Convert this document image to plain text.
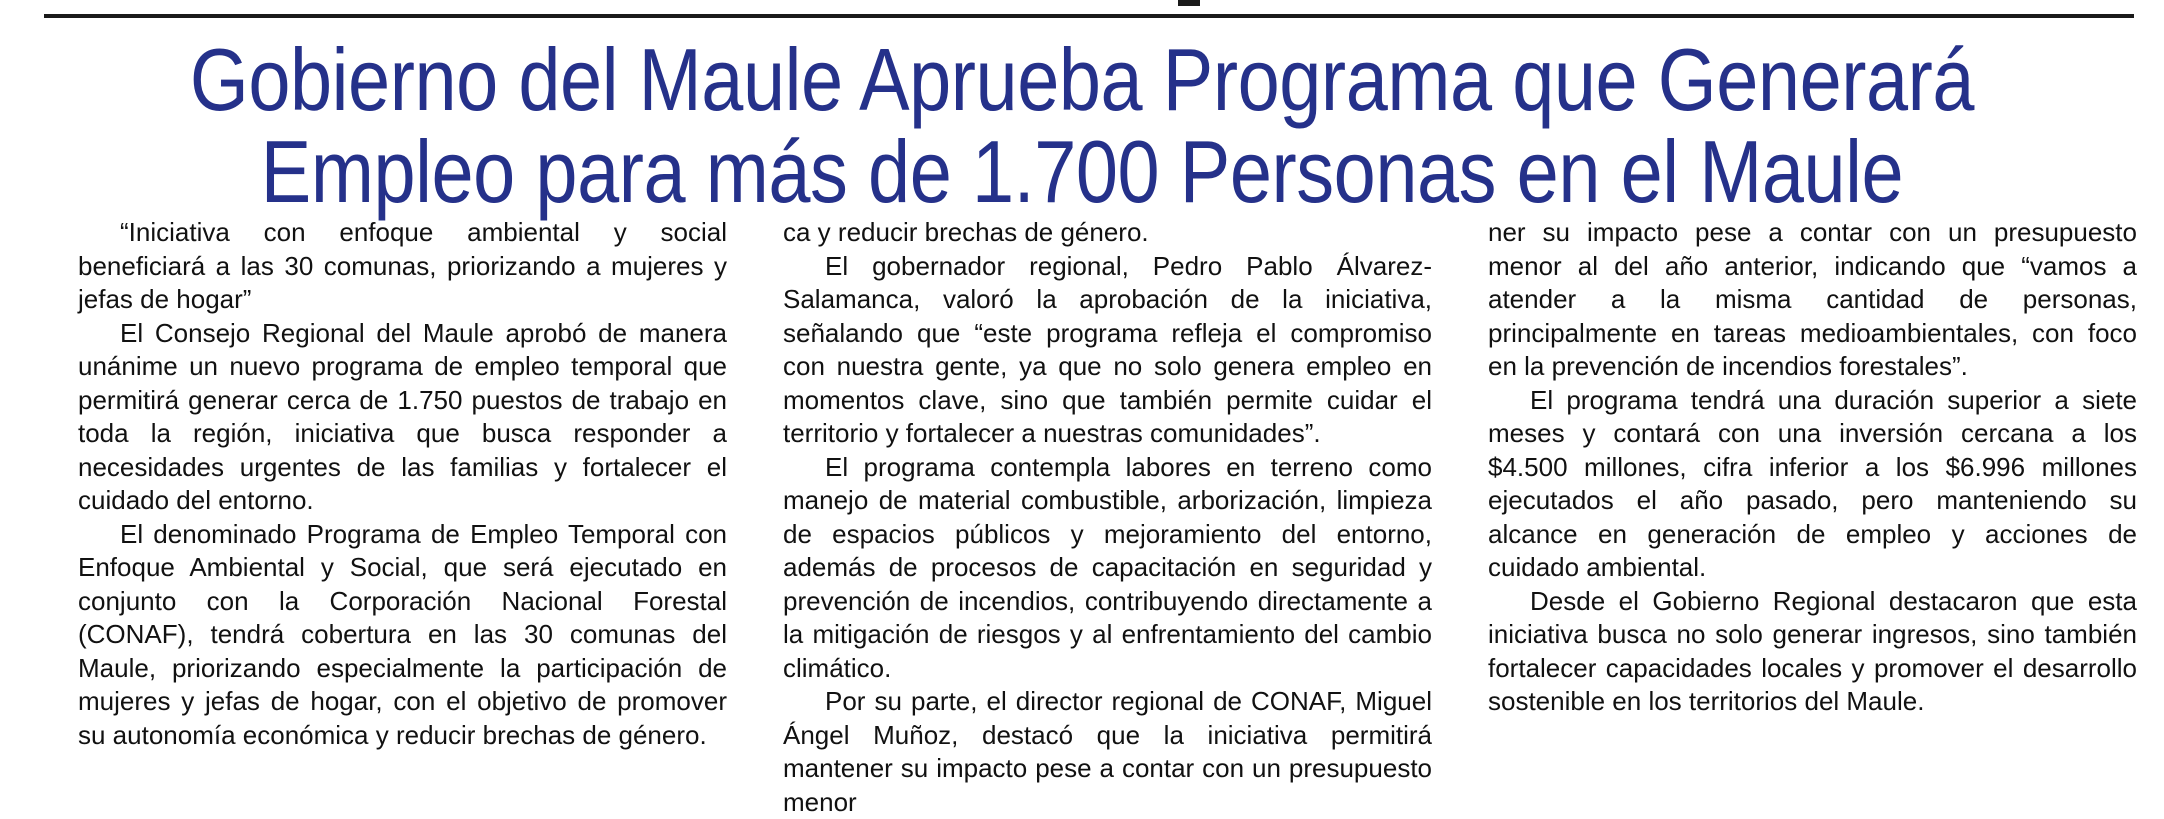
Gobierno del Maule Aprueba Programa que Generará
Empleo para más de 1.700 Personas en el Maule

“Iniciativa con enfoque ambiental y social beneficiará a las 30 comunas, priorizando a mujeres y jefas de hogar”

El Consejo Regional del Maule aprobó de manera unánime un nuevo programa de empleo temporal que permitirá generar cerca de 1.750 puestos de trabajo en toda la región, iniciativa que busca responder a necesidades urgentes de las familias y fortalecer el cuidado del entorno.

El denominado Programa de Empleo Temporal con Enfoque Ambiental y Social, que será ejecutado en conjunto con la Corporación Nacional Forestal (CONAF), tendrá cobertura en las 30 comunas del Maule, priorizando especialmente la participación de mujeres y jefas de hogar, con el objetivo de promover su autonomía económica y reducir brechas de género.

ca y reducir brechas de género.

El gobernador regional, Pedro Pablo Álvarez-Salamanca, valoró la aprobación de la iniciativa, señalando que “este programa refleja el compromiso con nuestra gente, ya que no solo genera empleo en momentos clave, sino que también permite cuidar el territorio y fortalecer a nuestras comunidades”.

El programa contempla labores en terreno como manejo de material combustible, arborización, limpieza de espacios públicos y mejoramiento del entorno, además de procesos de capacitación en seguridad y prevención de incendios, contribuyendo directamente a la mitigación de riesgos y al enfrentamiento del cambio climático.

Por su parte, el director regional de CONAF, Miguel Ángel Muñoz, destacó que la iniciativa permitirá mantener su impacto pese a contar con un presupuesto menor

ner su impacto pese a contar con un presupuesto menor al del año anterior, indicando que “vamos a atender a la misma cantidad de personas, principalmente en tareas medioambientales, con foco en la prevención de incendios forestales”.

El programa tendrá una duración superior a siete meses y contará con una inversión cercana a los $4.500 millones, cifra inferior a los $6.996 millones ejecutados el año pasado, pero manteniendo su alcance en generación de empleo y acciones de cuidado ambiental.

Desde el Gobierno Regional destacaron que esta iniciativa busca no solo generar ingresos, sino también fortalecer capacidades locales y promover el desarrollo sostenible en los territorios del Maule.
